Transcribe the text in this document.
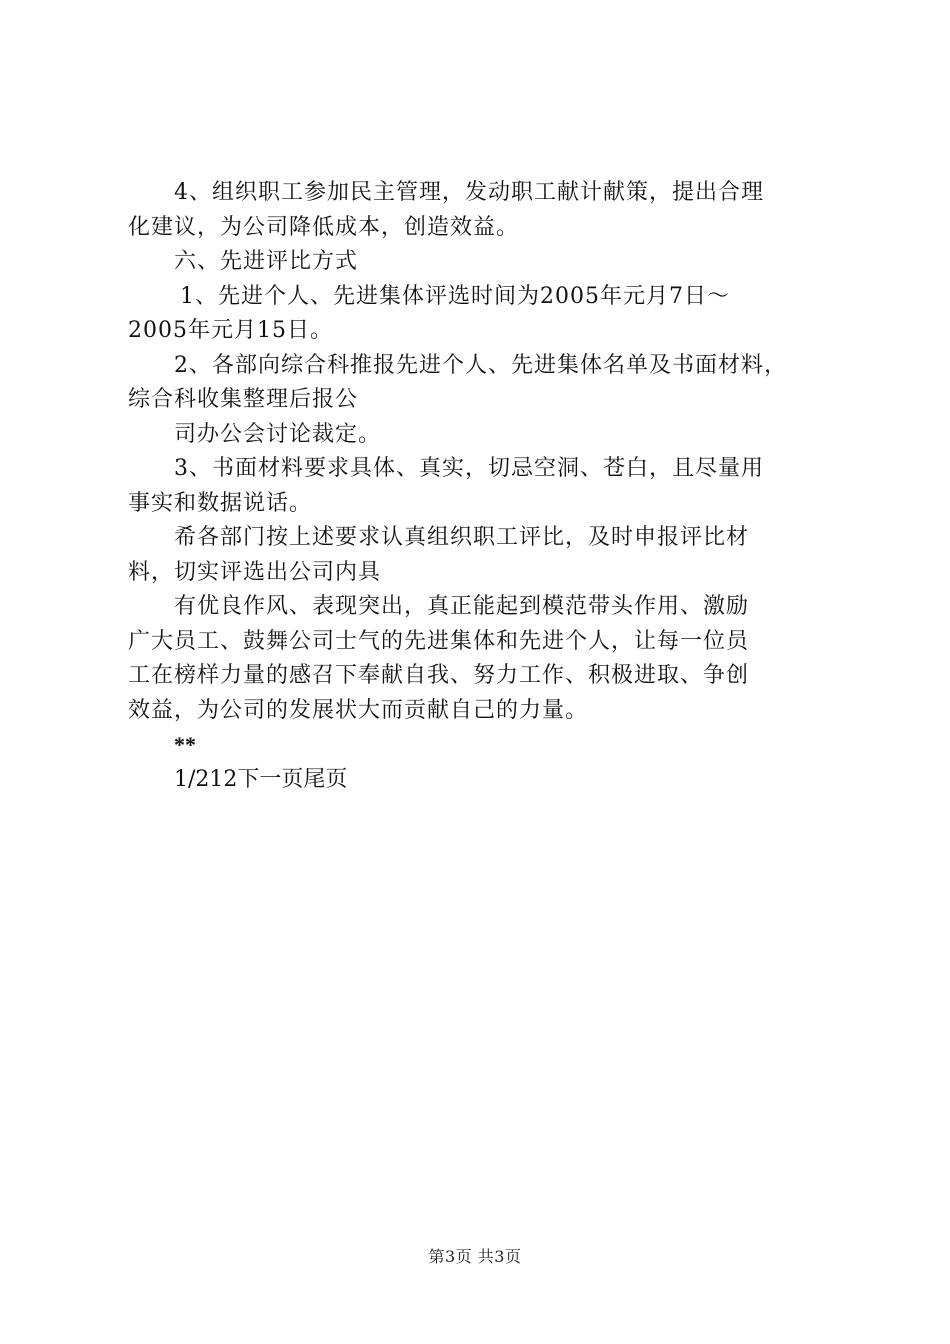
4、组织职工参加民主管理，发动职工献计献策，提出合理
化建议，为公司降低成本，创造效益。
六、先进评比方式
1、先进个人、先进集体评选时间为2005年元月7日～
2005年元月15日。
2、各部向综合科推报先进个人、先进集体名单及书面材料，
综合科收集整理后报公
司办公会讨论裁定。
3、书面材料要求具体、真实，切忌空洞、苍白，且尽量用
事实和数据说话。
希各部门按上述要求认真组织职工评比，及时申报评比材
料，切实评选出公司内具
有优良作风、表现突出，真正能起到模范带头作用、激励
广大员工、鼓舞公司士气的先进集体和先进个人，让每一位员
工在榜样力量的感召下奉献自我、努力工作、积极进取、争创
效益，为公司的发展状大而贡献自己的力量。
**
1/212下一页尾页
第3页 共3页
